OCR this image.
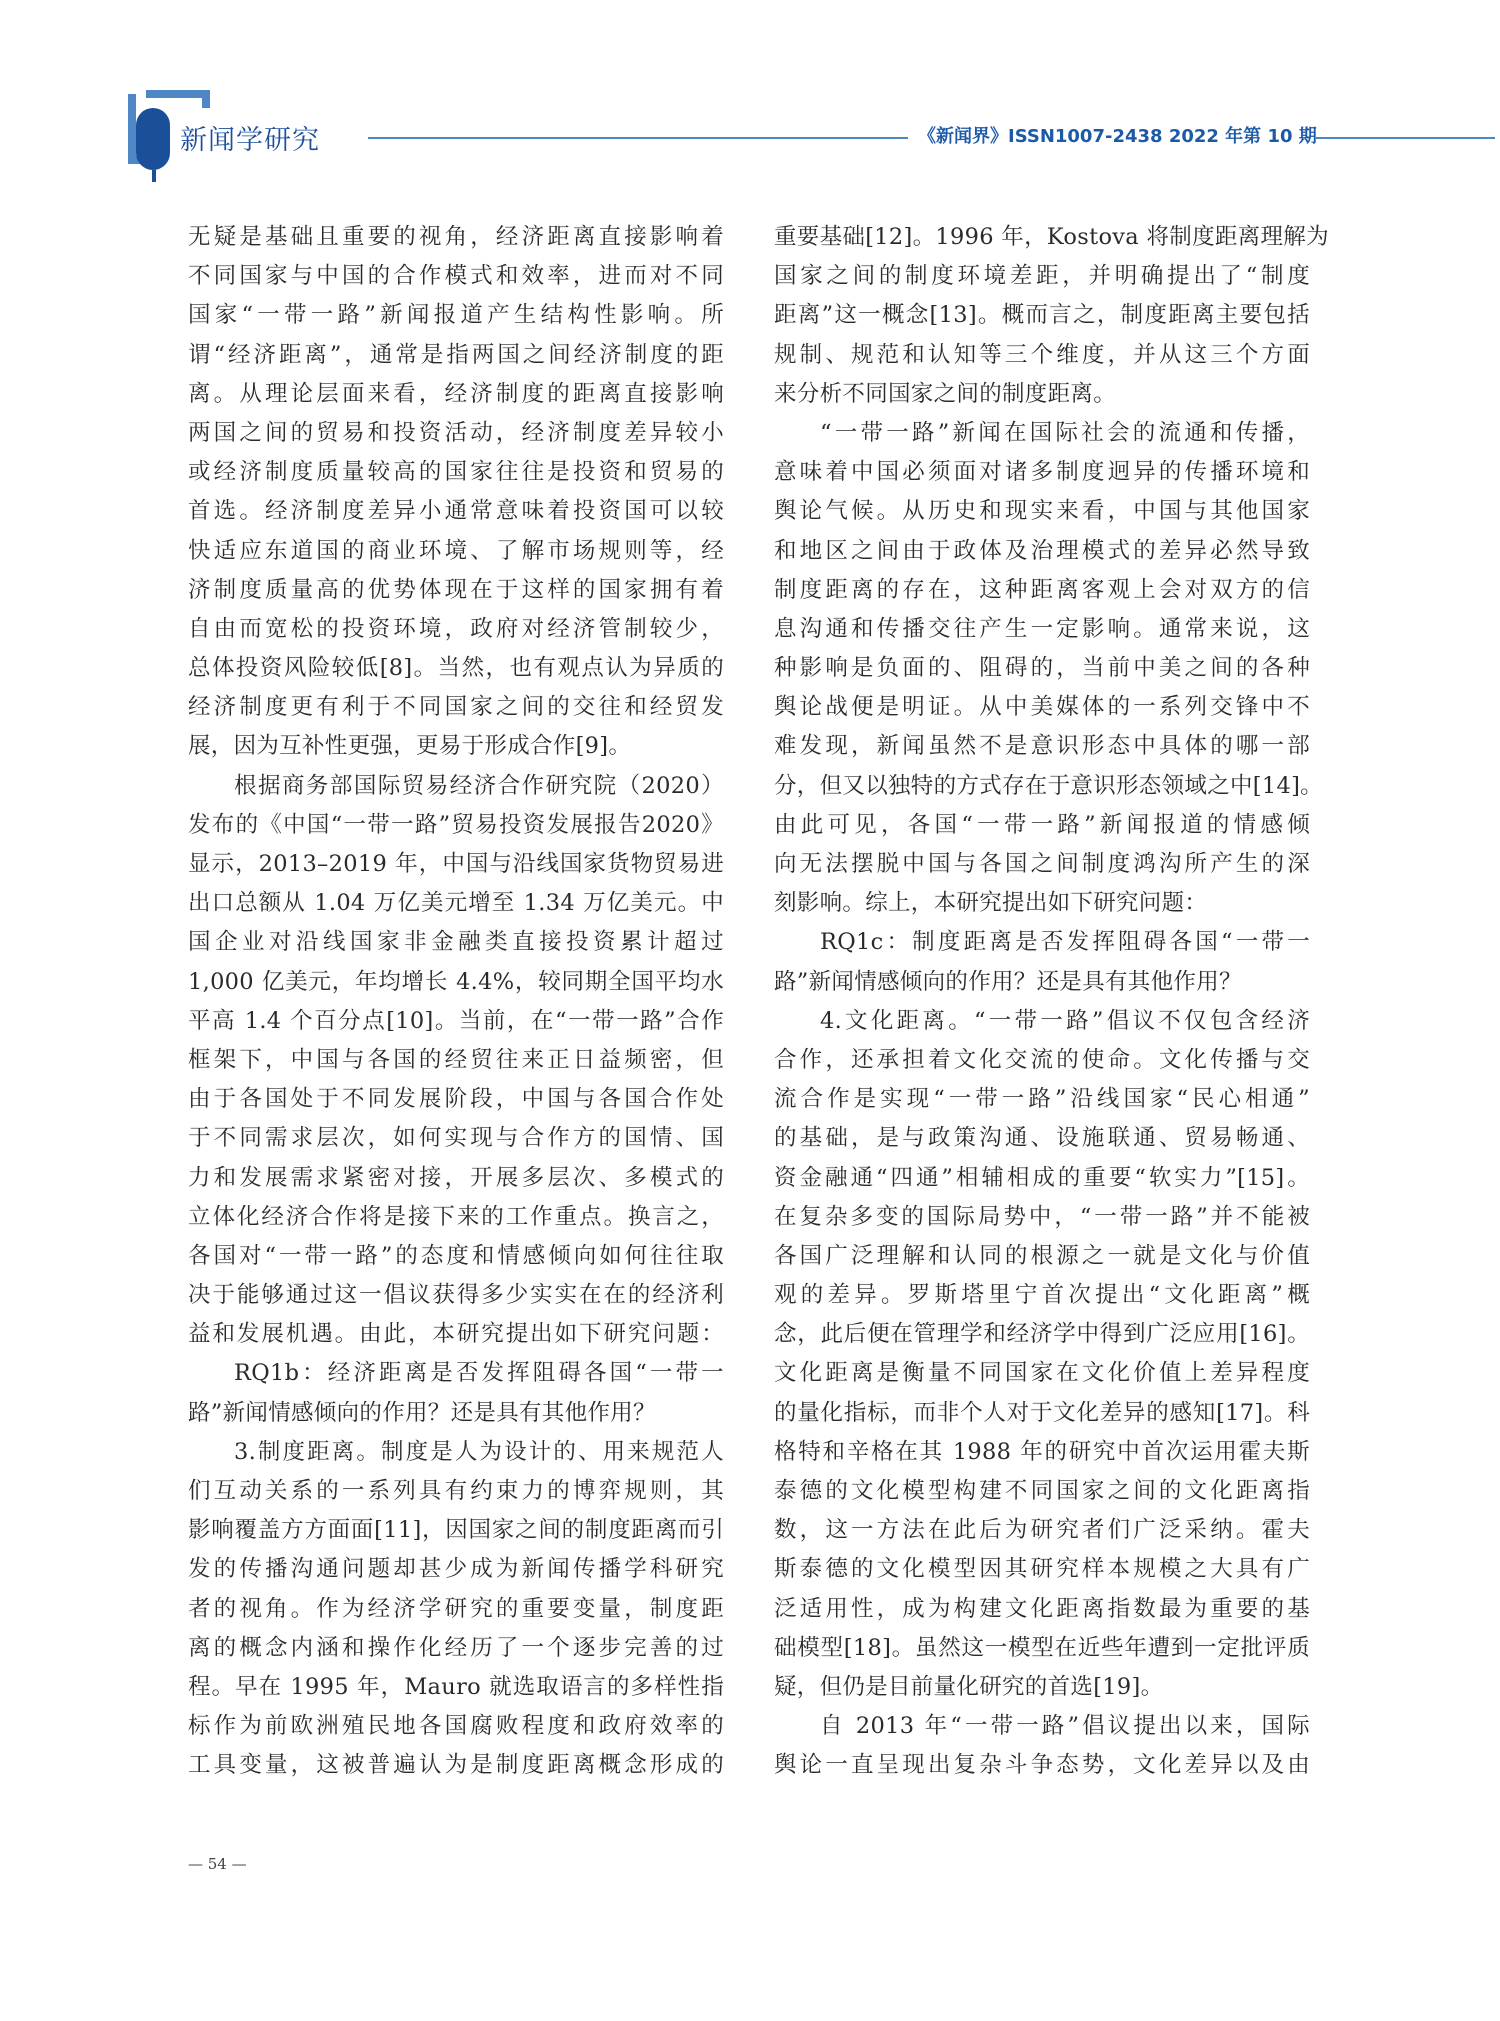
新闻学研究	《新闻界》ISSN1007-2438 2022 年第 10 期
无疑是基础且重要的视角，经济距离直接影响着
不同国家与中国的合作模式和效率，进而对不同
国家“一带一路”新闻报道产生结构性影响。所
谓“经济距离”，通常是指两国之间经济制度的距
离。从理论层面来看，经济制度的距离直接影响
两国之间的贸易和投资活动，经济制度差异较小
或经济制度质量较高的国家往往是投资和贸易的
首选。经济制度差异小通常意味着投资国可以较
快适应东道国的商业环境、了解市场规则等，经
济制度质量高的优势体现在于这样的国家拥有着
自由而宽松的投资环境，政府对经济管制较少，
总体投资风险较低[8]。当然，也有观点认为异质的
经济制度更有利于不同国家之间的交往和经贸发
展，因为互补性更强，更易于形成合作[9]。
根据商务部国际贸易经济合作研究院（2020）
发布的《中国“一带一路”贸易投资发展报告2020》
显示，2013–2019 年，中国与沿线国家货物贸易进
出口总额从 1.04 万亿美元增至 1.34 万亿美元。中
国企业对沿线国家非金融类直接投资累计超过
1,000 亿美元，年均增长 4.4%，较同期全国平均水
平高 1.4 个百分点[10]。当前，在“一带一路”合作
框架下，中国与各国的经贸往来正日益频密，但
由于各国处于不同发展阶段，中国与各国合作处
于不同需求层次，如何实现与合作方的国情、国
力和发展需求紧密对接，开展多层次、多模式的
立体化经济合作将是接下来的工作重点。换言之，
各国对“一带一路”的态度和情感倾向如何往往取
决于能够通过这一倡议获得多少实实在在的经济利
益和发展机遇。由此，本研究提出如下研究问题：
RQ1b：经济距离是否发挥阻碍各国“一带一
路”新闻情感倾向的作用？还是具有其他作用？
3.制度距离。制度是人为设计的、用来规范人
们互动关系的一系列具有约束力的博弈规则，其
影响覆盖方方面面[11]，因国家之间的制度距离而引
发的传播沟通问题却甚少成为新闻传播学科研究
者的视角。作为经济学研究的重要变量，制度距
离的概念内涵和操作化经历了一个逐步完善的过
程。早在 1995 年，Mauro 就选取语言的多样性指
标作为前欧洲殖民地各国腐败程度和政府效率的
工具变量，这被普遍认为是制度距离概念形成的
重要基础[12]。1996 年，Kostova 将制度距离理解为
国家之间的制度环境差距，并明确提出了“制度
距离”这一概念[13]。概而言之，制度距离主要包括
规制、规范和认知等三个维度，并从这三个方面
来分析不同国家之间的制度距离。
“一带一路”新闻在国际社会的流通和传播，
意味着中国必须面对诸多制度迥异的传播环境和
舆论气候。从历史和现实来看，中国与其他国家
和地区之间由于政体及治理模式的差异必然导致
制度距离的存在，这种距离客观上会对双方的信
息沟通和传播交往产生一定影响。通常来说，这
种影响是负面的、阻碍的，当前中美之间的各种
舆论战便是明证。从中美媒体的一系列交锋中不
难发现，新闻虽然不是意识形态中具体的哪一部
分，但又以独特的方式存在于意识形态领域之中[14]。
由此可见，各国“一带一路”新闻报道的情感倾
向无法摆脱中国与各国之间制度鸿沟所产生的深
刻影响。综上，本研究提出如下研究问题：
RQ1c：制度距离是否发挥阻碍各国“一带一
路”新闻情感倾向的作用？还是具有其他作用？
4.文化距离。“一带一路”倡议不仅包含经济
合作，还承担着文化交流的使命。文化传播与交
流合作是实现“一带一路”沿线国家“民心相通”
的基础，是与政策沟通、设施联通、贸易畅通、
资金融通“四通”相辅相成的重要“软实力”[15]。
在复杂多变的国际局势中，“一带一路”并不能被
各国广泛理解和认同的根源之一就是文化与价值
观的差异。罗斯塔里宁首次提出“文化距离”概
念，此后便在管理学和经济学中得到广泛应用[16]。
文化距离是衡量不同国家在文化价值上差异程度
的量化指标，而非个人对于文化差异的感知[17]。科
格特和辛格在其 1988 年的研究中首次运用霍夫斯
泰德的文化模型构建不同国家之间的文化距离指
数，这一方法在此后为研究者们广泛采纳。霍夫
斯泰德的文化模型因其研究样本规模之大具有广
泛适用性，成为构建文化距离指数最为重要的基
础模型[18]。虽然这一模型在近些年遭到一定批评质
疑，但仍是目前量化研究的首选[19]。
自 2013 年“一带一路”倡议提出以来，国际
舆论一直呈现出复杂斗争态势，文化差异以及由
— 54 —
